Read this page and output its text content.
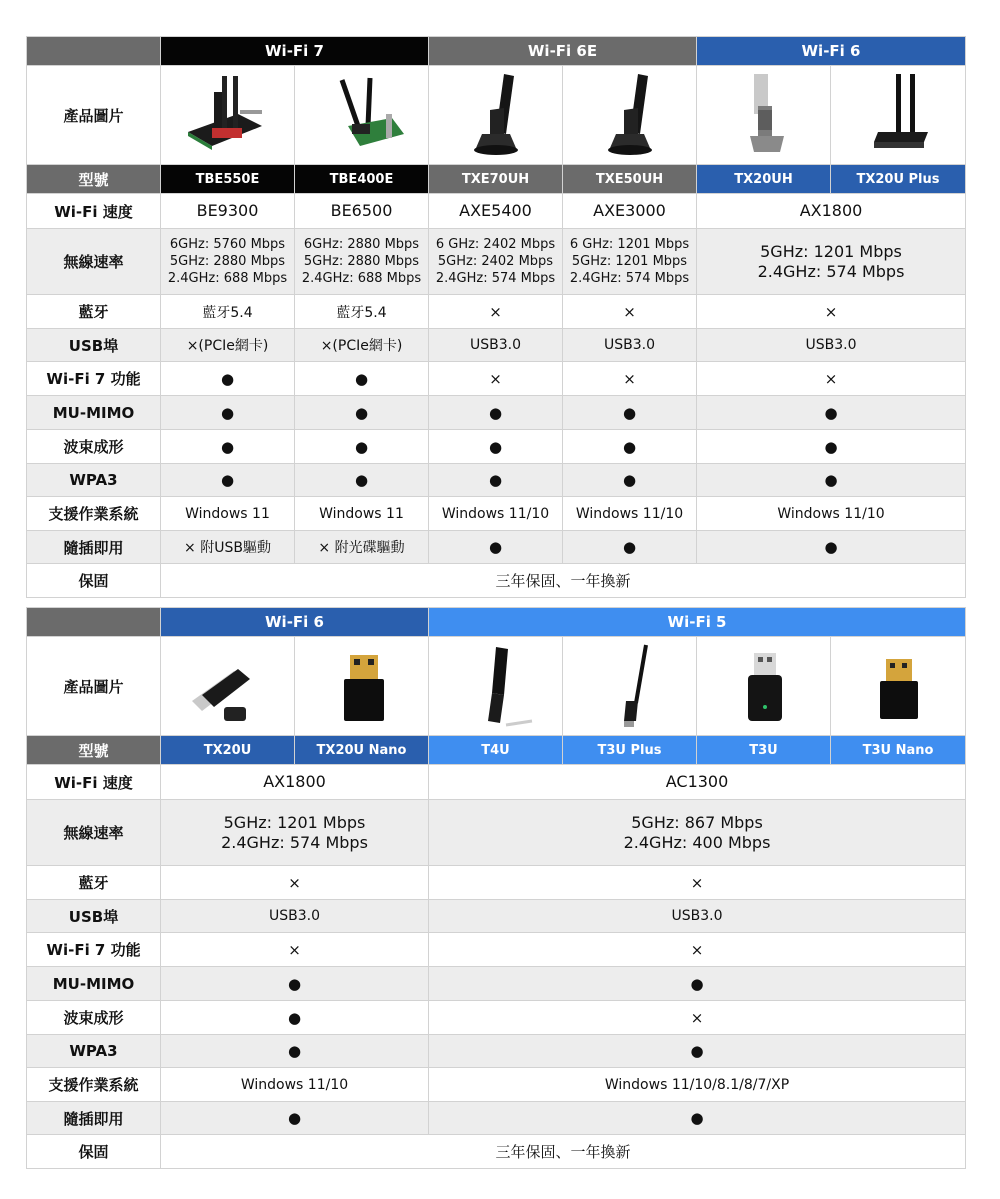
	Wi-Fi 7		Wi-Fi 6E		Wi-Fi 6	
產品圖片	

型號	TBE550E	TBE400E	TXE70UH	TXE50UH	TX20UH	TX20U Plus
Wi-Fi 速度	BE9300	BE6500	AXE5400	AXE3000	AX1800	
無線速率	6GHz: 5760 Mbps
5GHz: 2880 Mbps
2.4GHz: 688 Mbps	6GHz: 2880 Mbps
5GHz: 2880 Mbps
2.4GHz: 688 Mbps	6 GHz: 2402 Mbps
5GHz: 2402 Mbps
2.4GHz: 574 Mbps	6 GHz: 1201 Mbps
5GHz: 1201 Mbps
2.4GHz: 574 Mbps	5GHz: 1201 Mbps
2.4GHz: 574 Mbps	
藍牙	藍牙5.4	藍牙5.4	×	×	×	
USB埠	×(PCIe網卡)	×(PCIe網卡)	USB3.0	USB3.0	USB3.0	
Wi-Fi 7 功能	●	●	×	×	×	
MU-MIMO	●	●	●	●	●	
波束成形	●	●	●	●	●	
WPA3	●	●	●	●	●	
支援作業系統	Windows 11	Windows 11	Windows 11/10	Windows 11/10	Windows 11/10	
隨插即用	× 附USB驅動	× 附光碟驅動	●	●	●	
保固	三年保固、一年換新					
	Wi-Fi 6		Wi-Fi 5			
產品圖片	

型號	TX20U	TX20U Nano	T4U	T3U Plus	T3U	T3U Nano
Wi-Fi 速度	AX1800		AC1300			
無線速率	5GHz: 1201 Mbps
2.4GHz: 574 Mbps		5GHz: 867 Mbps
2.4GHz: 400 Mbps			
藍牙	×		×			
USB埠	USB3.0		USB3.0			
Wi-Fi 7 功能	×		×			
MU-MIMO	●		●			
波束成形	●		×			
WPA3	●		●			
支援作業系統	Windows 11/10		Windows 11/10/8.1/8/7/XP			
隨插即用	●		●			
保固	三年保固、一年換新					
